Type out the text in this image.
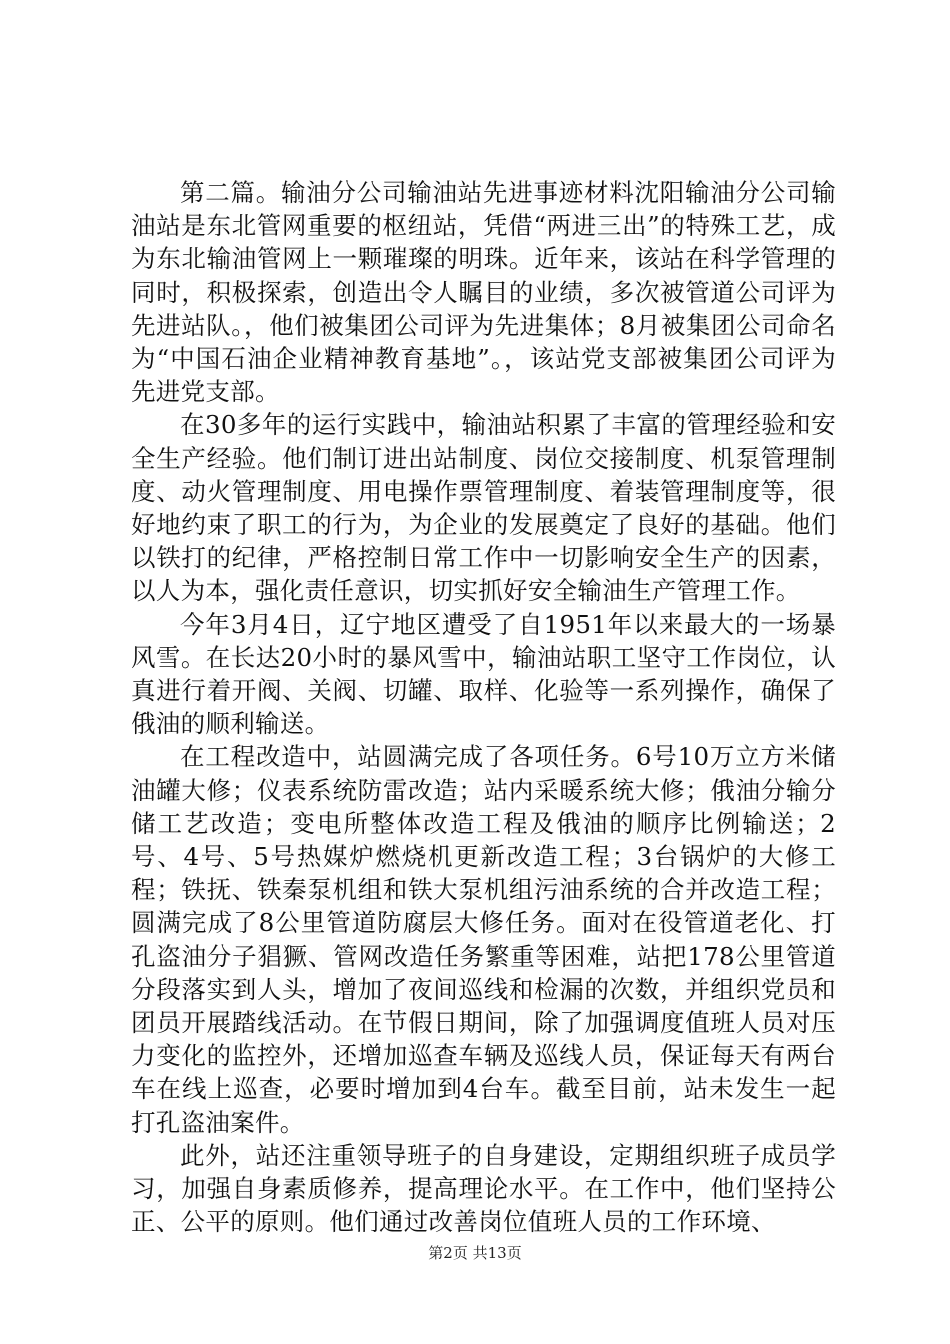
第二篇。输油分公司输油站先进事迹材料沈阳输油分公司输油站是东北管网重要的枢纽站，凭借“两进三出”的特殊工艺，成为东北输油管网上一颗璀璨的明珠。近年来，该站在科学管理的同时，积极探索，创造出令人瞩目的业绩，多次被管道公司评为先进站队。，他们被集团公司评为先进集体；8月被集团公司命名为“中国石油企业精神教育基地”。，该站党支部被集团公司评为先进党支部。

在30多年的运行实践中，输油站积累了丰富的管理经验和安全生产经验。他们制订进出站制度、岗位交接制度、机泵管理制度、动火管理制度、用电操作票管理制度、着装管理制度等，很好地约束了职工的行为，为企业的发展奠定了良好的基础。他们以铁打的纪律，严格控制日常工作中一切影响安全生产的因素，以人为本，强化责任意识，切实抓好安全输油生产管理工作。

今年3月4日，辽宁地区遭受了自1951年以来最大的一场暴风雪。在长达20小时的暴风雪中，输油站职工坚守工作岗位，认真进行着开阀、关阀、切罐、取样、化验等一系列操作，确保了俄油的顺利输送。

在工程改造中，站圆满完成了各项任务。6号10万立方米储油罐大修；仪表系统防雷改造；站内采暖系统大修；俄油分输分储工艺改造；变电所整体改造工程及俄油的顺序比例输送；2号、4号、5号热媒炉燃烧机更新改造工程；3台锅炉的大修工程；铁抚、铁秦泵机组和铁大泵机组污油系统的合并改造工程；圆满完成了8公里管道防腐层大修任务。面对在役管道老化、打孔盗油分子猖獗、管网改造任务繁重等困难，站把178公里管道分段落实到人头，增加了夜间巡线和检漏的次数，并组织党员和团员开展踏线活动。在节假日期间，除了加强调度值班人员对压力变化的监控外，还增加巡查车辆及巡线人员，保证每天有两台车在线上巡查，必要时增加到4台车。截至目前，站未发生一起打孔盗油案件。

此外，站还注重领导班子的自身建设，定期组织班子成员学习，加强自身素质修养，提高理论水平。在工作中，他们坚持公正、公平的原则。他们通过改善岗位值班人员的工作环境、

第2页 共13页
